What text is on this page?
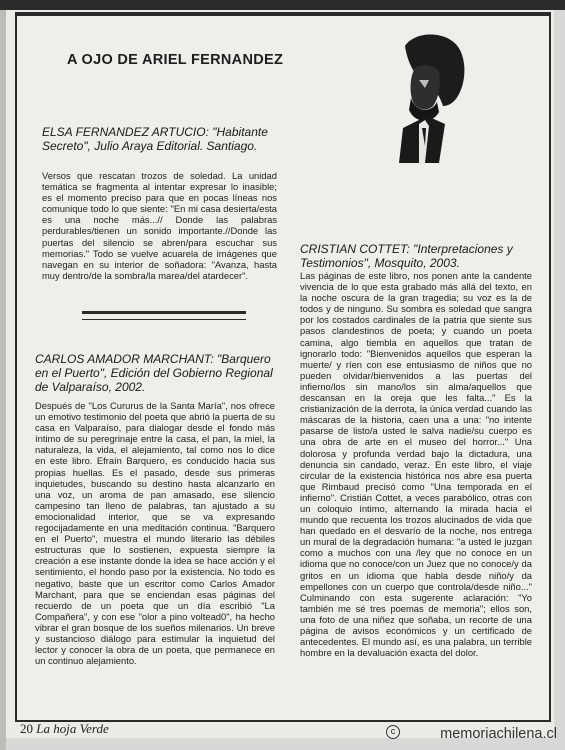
A OJO DE ARIEL FERNANDEZ
ELSA FERNANDEZ ARTUCIO: "Habitante Secreto", Julio Araya Editorial. Santiago.
Versos que rescatan trozos de soledad. La unidad temática se fragmenta al intentar expresar lo inasible; es el momento preciso para que en pocas líneas nos comunique todo lo que siente: "En mi casa desierta/esta es una noche más...// Donde las palabras perdurables/tienen un sonido importante.//Donde las puertas del silencio se abren/para escuchar sus memorias." Todo se vuelve acuarela de imágenes que navegan en su interior de soñadora: "Avanza, hasta muy dentro/de la sombra/la marea/del atardecer".
CARLOS AMADOR MARCHANT: "Barquero en el Puerto", Edición del Gobierno Regional de Valparaíso, 2002.
Después de "Los Cururus de la Santa María", nos ofrece un emotivo testimonio del poeta que abrió la puerta de su casa en Valparaíso, para dialogar desde el fondo más íntimo de su peregrinaje entre la casa, el pan, la miel, la naturaleza, la vida, el alejamiento, tal como nos lo dice en este libro. Efraín Barquero, es conducido hacia sus propias huellas. Es el pasado, desde sus primeras inquietudes, buscando su destino hasta alcanzarlo en una voz, un aroma de pan amasado, ese silencio campesino tan lleno de palabras, tan ajustado a su emocionalidad interior, que se va expresando regocijadamente en una meditación continua. "Barquero en el Puerto", muestra el mundo literario las débiles estructuras que lo sostienen, expuesta siempre la creación a ese instante donde la idea se hace acción y el sentimiento, el hondo paso por la existencia. No todo es negativo, baste que un escritor como Carlos Amador Marchant, para que se enciendan esas páginas del recuerdo de un poeta que un día escribió "La Compañera", y con ese "olor a pino voltead0", ha hecho vibrar el gran bosque de los sueños milenarios. Un breve y sustancioso diálogo para estimular la inquietud del lector y conocer la obra de un poeta, que permanece en un continuo alejamiento.
CRISTIAN COTTET: "Interpretaciones y Testimonios", Mosquito, 2003.
Las páginas de este libro, nos ponen ante la candente vivencia de lo que esta grabado más allá del texto, en la noche oscura de la gran tragedia; su voz es la de todos y de ninguno. Su sombra es soledad que sangra por los costados cardinales de la patria que siente sus pasos clandestinos de poeta; y cuando un poeta camina, algo tiembla en aquellos que tratan de ignorarlo todo: "Bienvenidos aquellos que esperan la muerte/ y ríen con ese entusiasmo de niños que no pueden olvidar/bienvenidos a las puertas del infierno/los sin mano/los sin alma/aquellos que descansan en la oreja que les falta..." Es la cristianización de la derrota, la única verdad cuando las máscaras de la historia, caen una a una: "no intente pasarse de listo/a usted le salva nadie/su cuerpo es una obra de arte en el museo del horror..." Una dolorosa y profunda verdad bajo la dictadura, una denuncia sin candado, veraz. En este libro, el viaje circular de la existencia histórica nos abre esa puerta que Rimbaud precisó como "Una temporada en el infierno". Cristián Cottet, a veces parabólico, otras con un coloquio íntimo, alternando la mirada hacia el mundo que recuenta los trozos alucinados de vida que han quedado en el desvarío de la noche, nos entrega un mural de la degradación humana: "a usted le juzgan como a muchos con una /ley que no conoce en un idioma que no conoce/con un Juez que no conoce/y da gritos en un idioma que habla desde niño/y da empellones con un cuerpo que controla/desde niño..." Culminando con esta sugerente aclaración: "Yo también me sé tres poemas de memoria"; ellos son, una foto de una niñez que soñaba, un recorte de una página de avisos económicos y un certificado de antecedentes. El mundo así, es una palabra, un terrible hombre en la devaluación exacta del dolor.
20 La hoja Verde	c	memoriachilena.cl
